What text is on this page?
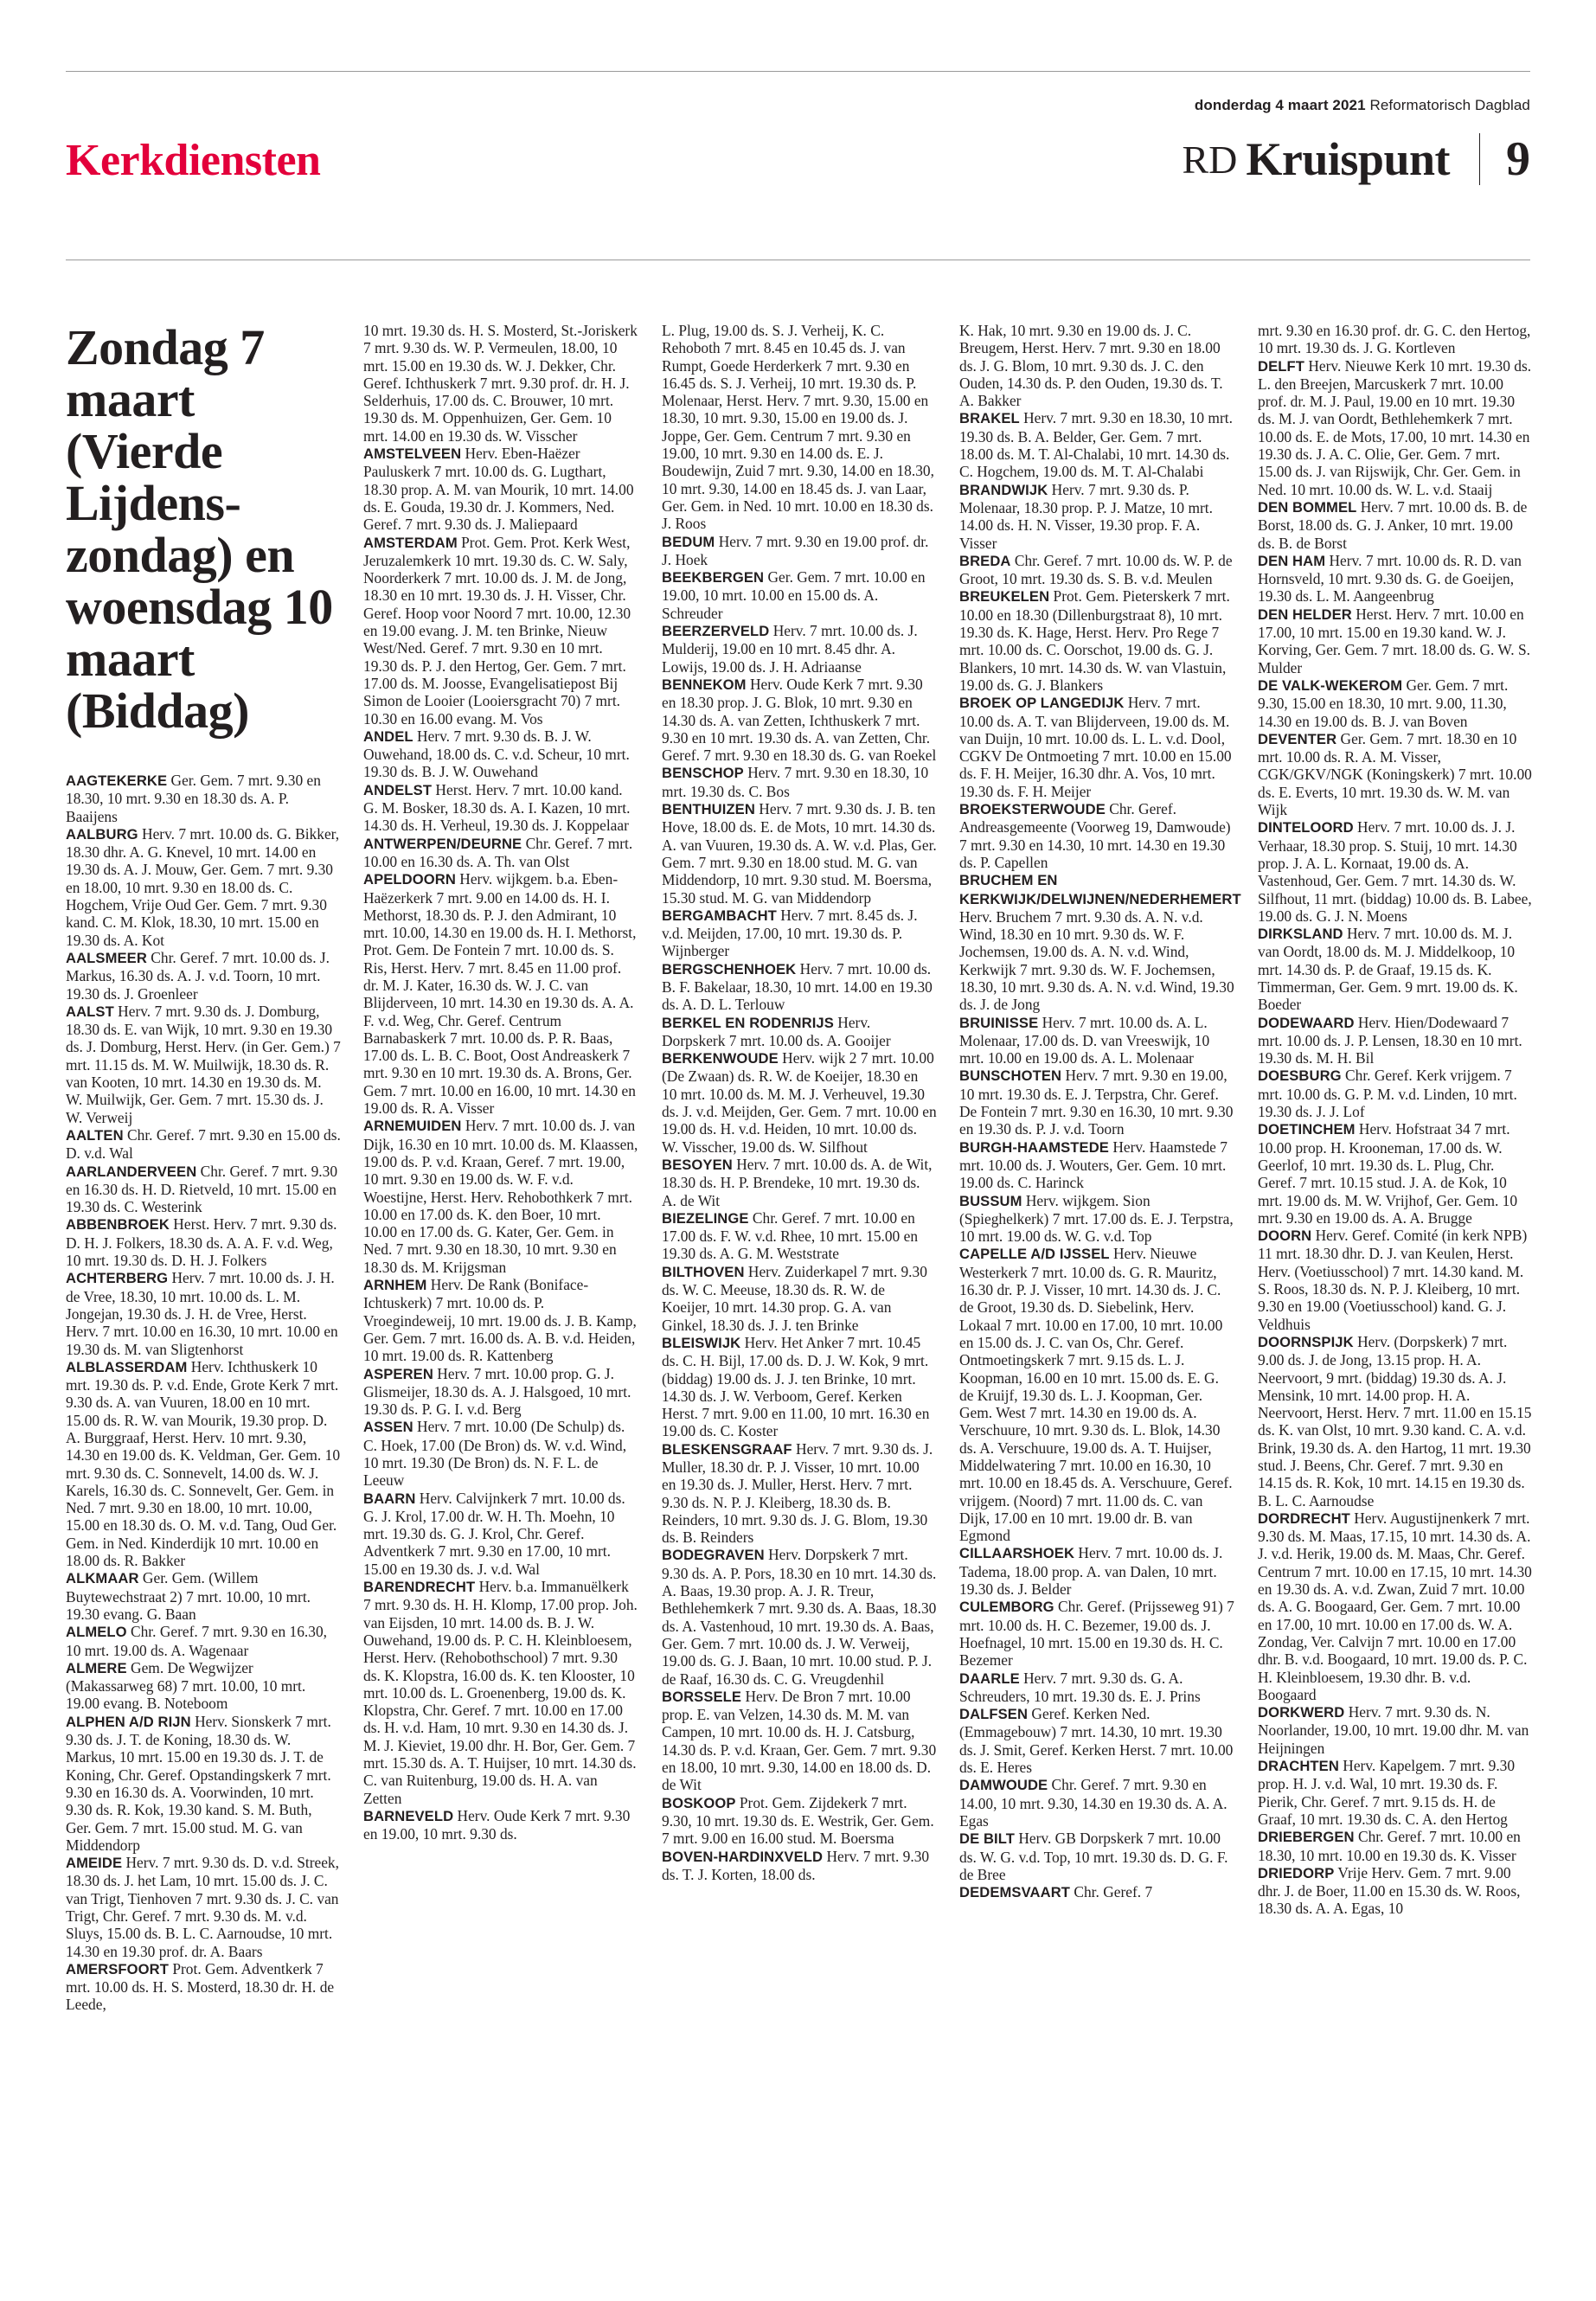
donderdag 4 maart 2021 Reformatorisch Dagblad
Kerkdiensten	RD Kruispunt 9
Zondag 7 maart (Vierde Lijdens- zondag) en woensdag 10 maart (Biddag)

AAGTEKERKE Ger. Gem. 7 mrt. 9.30 en 18.30, 10 mrt. 9.30 en 18.30 ds. A. P. Baaijens

AALBURG Herv. 7 mrt. 10.00 ds. G. Bikker, 18.30 dhr. A. G. Knevel, 10 mrt. 14.00 en 19.30 ds. A. J. Mouw, Ger. Gem. 7 mrt. 9.30 en 18.00, 10 mrt. 9.30 en 18.00 ds. C. Hogchem, Vrije Oud Ger. Gem. 7 mrt. 9.30 kand. C. M. Klok, 18.30, 10 mrt. 15.00 en 19.30 ds. A. Kot

AALSMEER Chr. Geref. 7 mrt. 10.00 ds. J. Markus, 16.30 ds. A. J. v.d. Toorn, 10 mrt. 19.30 ds. J. Groenleer

AALST Herv. 7 mrt. 9.30 ds. J. Domburg, 18.30 ds. E. van Wijk, 10 mrt. 9.30 en 19.30 ds. J. Domburg, Herst. Herv. (in Ger. Gem.) 7 mrt. 11.15 ds. M. W. Muilwijk, 18.30 ds. R. van Kooten, 10 mrt. 14.30 en 19.30 ds. M. W. Muilwijk, Ger. Gem. 7 mrt. 15.30 ds. J. W. Verweij

AALTEN Chr. Geref. 7 mrt. 9.30 en 15.00 ds. D. v.d. Wal

AARLANDERVEEN Chr. Geref. 7 mrt. 9.30 en 16.30 ds. H. D. Rietveld, 10 mrt. 15.00 en 19.30 ds. C. Westerink

ABBENBROEK Herst. Herv. 7 mrt. 9.30 ds. D. H. J. Folkers, 18.30 ds. A. A. F. v.d. Weg, 10 mrt. 19.30 ds. D. H. J. Folkers

ACHTERBERG Herv. 7 mrt. 10.00 ds. J. H. de Vree, 18.30, 10 mrt. 10.00 ds. L. M. Jongejan, 19.30 ds. J. H. de Vree, Herst. Herv. 7 mrt. 10.00 en 16.30, 10 mrt. 10.00 en 19.30 ds. M. van Sligtenhorst

ALBLASSERDAM Herv. Ichthuskerk 10 mrt. 19.30 ds. P. v.d. Ende, Grote Kerk 7 mrt. 9.30 ds. A. van Vuuren, 18.00 en 10 mrt. 15.00 ds. R. W. van Mourik, 19.30 prop. D. A. Burggraaf, Herst. Herv. 10 mrt. 9.30, 14.30 en 19.00 ds. K. Veldman, Ger. Gem. 10 mrt. 9.30 ds. C. Sonnevelt, 14.00 ds. W. J. Karels, 16.30 ds. C. Sonnevelt, Ger. Gem. in Ned. 7 mrt. 9.30 en 18.00, 10 mrt. 10.00, 15.00 en 18.30 ds. O. M. v.d. Tang, Oud Ger. Gem. in Ned. Kinderdijk 10 mrt. 10.00 en 18.00 ds. R. Bakker

ALKMAAR Ger. Gem. (Willem Buytewechstraat 2) 7 mrt. 10.00, 10 mrt. 19.30 evang. G. Baan

ALMELO Chr. Geref. 7 mrt. 9.30 en 16.30, 10 mrt. 19.00 ds. A. Wagenaar

ALMERE Gem. De Wegwijzer (Makassarweg 68) 7 mrt. 10.00, 10 mrt. 19.00 evang. B. Noteboom

ALPHEN A/D RIJN Herv. Sionskerk 7 mrt. 9.30 ds. J. T. de Koning, 18.30 ds. W. Markus, 10 mrt. 15.00 en 19.30 ds. J. T. de Koning, Chr. Geref. Opstandingskerk 7 mrt. 9.30 en 16.30 ds. A. Voorwinden, 10 mrt. 9.30 ds. R. Kok, 19.30 kand. S. M. Buth, Ger. Gem. 7 mrt. 15.00 stud. M. G. van Middendorp

AMEIDE Herv. 7 mrt. 9.30 ds. D. v.d. Streek, 18.30 ds. J. het Lam, 10 mrt. 15.00 ds. J. C. van Trigt, Tienhoven 7 mrt. 9.30 ds. J. C. van Trigt, Chr. Geref. 7 mrt. 9.30 ds. M. v.d. Sluys, 15.00 ds. B. L. C. Aarnoudse, 10 mrt. 14.30 en 19.30 prof. dr. A. Baars

AMERSFOORT Prot. Gem. Adventkerk 7 mrt. 10.00 ds. H. S. Mosterd, 18.30 dr. H. de Leede,

10 mrt. 19.30 ds. H. S. Mosterd, St.-Joriskerk 7 mrt. 9.30 ds. W. P. Vermeulen, 18.00, 10 mrt. 15.00 en 19.30 ds. W. J. Dekker, Chr. Geref. Ichthuskerk 7 mrt. 9.30 prof. dr. H. J. Selderhuis, 17.00 ds. C. Brouwer, 10 mrt. 19.30 ds. M. Oppenhuizen, Ger. Gem. 10 mrt. 14.00 en 19.30 ds. W. Visscher

AMSTELVEEN Herv. Eben-Haëzer Pauluskerk 7 mrt. 10.00 ds. G. Lugthart, 18.30 prop. A. M. van Mourik, 10 mrt. 14.00 ds. E. Gouda, 19.30 dr. J. Kommers, Ned. Geref. 7 mrt. 9.30 ds. J. Maliepaard

AMSTERDAM Prot. Gem. Prot. Kerk West, Jeruzalemkerk 10 mrt. 19.30 ds. C. W. Saly, Noorderkerk 7 mrt. 10.00 ds. J. M. de Jong, 18.30 en 10 mrt. 19.30 ds. J. H. Visser, Chr. Geref. Hoop voor Noord 7 mrt. 10.00, 12.30 en 19.00 evang. J. M. ten Brinke, Nieuw West/Ned. Geref. 7 mrt. 9.30 en 10 mrt. 19.30 ds. P. J. den Hertog, Ger. Gem. 7 mrt. 17.00 ds. M. Joosse, Evangelisatiepost Bij Simon de Looier (Looiersgracht 70) 7 mrt. 10.30 en 16.00 evang. M. Vos

ANDEL Herv. 7 mrt. 9.30 ds. B. J. W. Ouwehand, 18.00 ds. C. v.d. Scheur, 10 mrt. 19.30 ds. B. J. W. Ouwehand

ANDELST Herst. Herv. 7 mrt. 10.00 kand. G. M. Bosker, 18.30 ds. A. I. Kazen, 10 mrt. 14.30 ds. H. Verheul, 19.30 ds. J. Koppelaar

ANTWERPEN/DEURNE Chr. Geref. 7 mrt. 10.00 en 16.30 ds. A. Th. van Olst

APELDOORN Herv. wijkgem. b.a. Eben-Haëzerkerk 7 mrt. 9.00 en 14.00 ds. H. I. Methorst, 18.30 ds. P. J. den Admirant, 10 mrt. 10.00, 14.30 en 19.00 ds. H. I. Methorst, Prot. Gem. De Fontein 7 mrt. 10.00 ds. S. Ris, Herst. Herv. 7 mrt. 8.45 en 11.00 prof. dr. M. J. Kater, 16.30 ds. W. J. C. van Blijderveen, 10 mrt. 14.30 en 19.30 ds. A. A. F. v.d. Weg, Chr. Geref. Centrum Barnabaskerk 7 mrt. 10.00 ds. P. R. Baas, 17.00 ds. L. B. C. Boot, Oost Andreaskerk 7 mrt. 9.30 en 10 mrt. 19.30 ds. A. Brons, Ger. Gem. 7 mrt. 10.00 en 16.00, 10 mrt. 14.30 en 19.00 ds. R. A. Visser

ARNEMUIDEN Herv. 7 mrt. 10.00 ds. J. van Dijk, 16.30 en 10 mrt. 10.00 ds. M. Klaassen, 19.00 ds. P. v.d. Kraan, Geref. 7 mrt. 19.00, 10 mrt. 9.30 en 19.00 ds. W. F. v.d. Woestijne, Herst. Herv. Rehobothkerk 7 mrt. 10.00 en 17.00 ds. K. den Boer, 10 mrt. 10.00 en 17.00 ds. G. Kater, Ger. Gem. in Ned. 7 mrt. 9.30 en 18.30, 10 mrt. 9.30 en 18.30 ds. M. Krijgsman

ARNHEM Herv. De Rank (Boniface-Ichtuskerk) 7 mrt. 10.00 ds. P. Vroegindeweij, 10 mrt. 19.00 ds. J. B. Kamp, Ger. Gem. 7 mrt. 16.00 ds. A. B. v.d. Heiden, 10 mrt. 19.00 ds. R. Kattenberg

ASPEREN Herv. 7 mrt. 10.00 prop. G. J. Glismeijer, 18.30 ds. A. J. Halsgoed, 10 mrt. 19.30 ds. P. G. I. v.d. Berg

ASSEN Herv. 7 mrt. 10.00 (De Schulp) ds. C. Hoek, 17.00 (De Bron) ds. W. v.d. Wind, 10 mrt. 19.30 (De Bron) ds. N. F. L. de Leeuw

BAARN Herv. Calvijnkerk 7 mrt. 10.00 ds. G. J. Krol, 17.00 dr. W. H. Th. Moehn, 10 mrt. 19.30 ds. G. J. Krol, Chr. Geref. Adventkerk 7 mrt. 9.30 en 17.00, 10 mrt. 15.00 en 19.30 ds. J. v.d. Wal

BARENDRECHT Herv. b.a. Immanuëlkerk 7 mrt. 9.30 ds. H. H. Klomp, 17.00 prop. Joh. van Eijsden, 10 mrt. 14.00 ds. B. J. W. Ouwehand, 19.00 ds. P. C. H. Kleinbloesem, Herst. Herv. (Rehobothschool) 7 mrt. 9.30 ds. K. Klopstra, 16.00 ds. K. ten Klooster, 10 mrt. 10.00 ds. L. Groenenberg, 19.00 ds. K. Klopstra, Chr. Geref. 7 mrt. 10.00 en 17.00 ds. H. v.d. Ham, 10 mrt. 9.30 en 14.30 ds. J. M. J. Kieviet, 19.00 dhr. H. Bor, Ger. Gem. 7 mrt. 15.30 ds. A. T. Huijser, 10 mrt. 14.30 ds. C. van Ruitenburg, 19.00 ds. H. A. van Zetten

BARNEVELD Herv. Oude Kerk 7 mrt. 9.30 en 19.00, 10 mrt. 9.30 ds.

L. Plug, 19.00 ds. S. J. Verheij, K. C. Rehoboth 7 mrt. 8.45 en 10.45 ds. J. van Rumpt, Goede Herderkerk 7 mrt. 9.30 en 16.45 ds. S. J. Verheij, 10 mrt. 19.30 ds. P. Molenaar, Herst. Herv. 7 mrt. 9.30, 15.00 en 18.30, 10 mrt. 9.30, 15.00 en 19.00 ds. J. Joppe, Ger. Gem. Centrum 7 mrt. 9.30 en 19.00, 10 mrt. 9.30 en 14.00 ds. E. J. Boudewijn, Zuid 7 mrt. 9.30, 14.00 en 18.30, 10 mrt. 9.30, 14.00 en 18.45 ds. J. van Laar, Ger. Gem. in Ned. 10 mrt. 10.00 en 18.30 ds. J. Roos

BEDUM Herv. 7 mrt. 9.30 en 19.00 prof. dr. J. Hoek

BEEKBERGEN Ger. Gem. 7 mrt. 10.00 en 19.00, 10 mrt. 10.00 en 15.00 ds. A. Schreuder

BEERZERVELD Herv. 7 mrt. 10.00 ds. J. Mulderij, 19.00 en 10 mrt. 8.45 dhr. A. Lowijs, 19.00 ds. J. H. Adriaanse

BENNEKOM Herv. Oude Kerk 7 mrt. 9.30 en 18.30 prop. J. G. Blok, 10 mrt. 9.30 en 14.30 ds. A. van Zetten, Ichthuskerk 7 mrt. 9.30 en 10 mrt. 19.30 ds. A. van Zetten, Chr. Geref. 7 mrt. 9.30 en 18.30 ds. G. van Roekel

BENSCHOP Herv. 7 mrt. 9.30 en 18.30, 10 mrt. 19.30 ds. C. Bos

BENTHUIZEN Herv. 7 mrt. 9.30 ds. J. B. ten Hove, 18.00 ds. E. de Mots, 10 mrt. 14.30 ds. A. van Vuuren, 19.30 ds. A. W. v.d. Plas, Ger. Gem. 7 mrt. 9.30 en 18.00 stud. M. G. van Middendorp, 10 mrt. 9.30 stud. M. Boersma, 15.30 stud. M. G. van Middendorp

BERGAMBACHT Herv. 7 mrt. 8.45 ds. J. v.d. Meijden, 17.00, 10 mrt. 19.30 ds. P. Wijnberger

BERGSCHENHOEK Herv. 7 mrt. 10.00 ds. B. F. Bakelaar, 18.30, 10 mrt. 14.00 en 19.30 ds. A. D. L. Terlouw

BERKEL EN RODENRIJS Herv. Dorpskerk 7 mrt. 10.00 ds. A. Gooijer

BERKENWOUDE Herv. wijk 2 7 mrt. 10.00 (De Zwaan) ds. R. W. de Koeijer, 18.30 en 10 mrt. 10.00 ds. M. M. J. Verheuvel, 19.30 ds. J. v.d. Meijden, Ger. Gem. 7 mrt. 10.00 en 19.00 ds. H. v.d. Heiden, 10 mrt. 10.00 ds. W. Visscher, 19.00 ds. W. Silfhout

BESOYEN Herv. 7 mrt. 10.00 ds. A. de Wit, 18.30 ds. H. P. Brendeke, 10 mrt. 19.30 ds. A. de Wit

BIEZELINGE Chr. Geref. 7 mrt. 10.00 en 17.00 ds. F. W. v.d. Rhee, 10 mrt. 15.00 en 19.30 ds. A. G. M. Weststrate

BILTHOVEN Herv. Zuiderkapel 7 mrt. 9.30 ds. W. C. Meeuse, 18.30 ds. R. W. de Koeijer, 10 mrt. 14.30 prop. G. A. van Ginkel, 18.30 ds. J. J. ten Brinke

BLEISWIJK Herv. Het Anker 7 mrt. 10.45 ds. C. H. Bijl, 17.00 ds. D. J. W. Kok, 9 mrt. (biddag) 19.00 ds. J. J. ten Brinke, 10 mrt. 14.30 ds. J. W. Verboom, Geref. Kerken Herst. 7 mrt. 9.00 en 11.00, 10 mrt. 16.30 en 19.00 ds. C. Koster

BLESKENSGRAAF Herv. 7 mrt. 9.30 ds. J. Muller, 18.30 dr. P. J. Visser, 10 mrt. 10.00 en 19.30 ds. J. Muller, Herst. Herv. 7 mrt. 9.30 ds. N. P. J. Kleiberg, 18.30 ds. B. Reinders, 10 mrt. 9.30 ds. J. G. Blom, 19.30 ds. B. Reinders

BODEGRAVEN Herv. Dorpskerk 7 mrt. 9.30 ds. A. P. Pors, 18.30 en 10 mrt. 14.30 ds. A. Baas, 19.30 prop. A. J. R. Treur, Bethlehemkerk 7 mrt. 9.30 ds. A. Baas, 18.30 ds. A. Vastenhoud, 10 mrt. 19.30 ds. A. Baas, Ger. Gem. 7 mrt. 10.00 ds. J. W. Verweij, 19.00 ds. G. J. Baan, 10 mrt. 10.00 stud. P. J. de Raaf, 16.30 ds. C. G. Vreugdenhil

BORSSELE Herv. De Bron 7 mrt. 10.00 prop. E. van Velzen, 14.30 ds. M. M. van Campen, 10 mrt. 10.00 ds. H. J. Catsburg, 14.30 ds. P. v.d. Kraan, Ger. Gem. 7 mrt. 9.30 en 18.00, 10 mrt. 9.30, 14.00 en 18.00 ds. D. de Wit

BOSKOOP Prot. Gem. Zijdekerk 7 mrt. 9.30, 10 mrt. 19.30 ds. E. Westrik, Ger. Gem. 7 mrt. 9.00 en 16.00 stud. M. Boersma

BOVEN-HARDINXVELD Herv. 7 mrt. 9.30 ds. T. J. Korten, 18.00 ds.

K. Hak, 10 mrt. 9.30 en 19.00 ds. J. C. Breugem, Herst. Herv. 7 mrt. 9.30 en 18.00 ds. J. G. Blom, 10 mrt. 9.30 ds. J. C. den Ouden, 14.30 ds. P. den Ouden, 19.30 ds. T. A. Bakker

BRAKEL Herv. 7 mrt. 9.30 en 18.30, 10 mrt. 19.30 ds. B. A. Belder, Ger. Gem. 7 mrt. 18.00 ds. M. T. Al-Chalabi, 10 mrt. 14.30 ds. C. Hogchem, 19.00 ds. M. T. Al-Chalabi

BRANDWIJK Herv. 7 mrt. 9.30 ds. P. Molenaar, 18.30 prop. P. J. Matze, 10 mrt. 14.00 ds. H. N. Visser, 19.30 prop. F. A. Visser

BREDA Chr. Geref. 7 mrt. 10.00 ds. W. P. de Groot, 10 mrt. 19.30 ds. S. B. v.d. Meulen

BREUKELEN Prot. Gem. Pieterskerk 7 mrt. 10.00 en 18.30 (Dillenburgstraat 8), 10 mrt. 19.30 ds. K. Hage, Herst. Herv. Pro Rege 7 mrt. 10.00 ds. C. Oorschot, 19.00 ds. G. J. Blankers, 10 mrt. 14.30 ds. W. van Vlastuin, 19.00 ds. G. J. Blankers

BROEK OP LANGEDIJK Herv. 7 mrt. 10.00 ds. A. T. van Blijderveen, 19.00 ds. M. van Duijn, 10 mrt. 10.00 ds. L. L. v.d. Dool, CGKV De Ontmoeting 7 mrt. 10.00 en 15.00 ds. F. H. Meijer, 16.30 dhr. A. Vos, 10 mrt. 19.30 ds. F. H. Meijer

BROEKSTERWOUDE Chr. Geref. Andreasgemeente (Voorweg 19, Damwoude) 7 mrt. 9.30 en 14.30, 10 mrt. 14.30 en 19.30 ds. P. Capellen

BRUCHEM EN KERKWIJK/DELWIJNEN/NEDERHEMERT Herv. Bruchem 7 mrt. 9.30 ds. A. N. v.d. Wind, 18.30 en 10 mrt. 9.30 ds. W. F. Jochemsen, 19.00 ds. A. N. v.d. Wind, Kerkwijk 7 mrt. 9.30 ds. W. F. Jochemsen, 18.30, 10 mrt. 9.30 ds. A. N. v.d. Wind, 19.30 ds. J. de Jong

BRUINISSE Herv. 7 mrt. 10.00 ds. A. L. Molenaar, 17.00 ds. D. van Vreeswijk, 10 mrt. 10.00 en 19.00 ds. A. L. Molenaar

BUNSCHOTEN Herv. 7 mrt. 9.30 en 19.00, 10 mrt. 19.30 ds. E. J. Terpstra, Chr. Geref. De Fontein 7 mrt. 9.30 en 16.30, 10 mrt. 9.30 en 19.30 ds. P. J. v.d. Toorn

BURGH-HAAMSTEDE Herv. Haamstede 7 mrt. 10.00 ds. J. Wouters, Ger. Gem. 10 mrt. 19.00 ds. C. Harinck

BUSSUM Herv. wijkgem. Sion (Spieghelkerk) 7 mrt. 17.00 ds. E. J. Terpstra, 10 mrt. 19.00 ds. W. G. v.d. Top

CAPELLE A/D IJSSEL Herv. Nieuwe Westerkerk 7 mrt. 10.00 ds. G. R. Mauritz, 16.30 dr. P. J. Visser, 10 mrt. 14.30 ds. J. C. de Groot, 19.30 ds. D. Siebelink, Herv. Lokaal 7 mrt. 10.00 en 17.00, 10 mrt. 10.00 en 15.00 ds. J. C. van Os, Chr. Geref. Ontmoetingskerk 7 mrt. 9.15 ds. L. J. Koopman, 16.00 en 10 mrt. 15.00 ds. E. G. de Kruijf, 19.30 ds. L. J. Koopman, Ger. Gem. West 7 mrt. 14.30 en 19.00 ds. A. Verschuure, 10 mrt. 9.30 ds. L. Blok, 14.30 ds. A. Verschuure, 19.00 ds. A. T. Huijser, Middelwatering 7 mrt. 10.00 en 16.30, 10 mrt. 10.00 en 18.45 ds. A. Verschuure, Geref. vrijgem. (Noord) 7 mrt. 11.00 ds. C. van Dijk, 17.00 en 10 mrt. 19.00 dr. B. van Egmond

CILLAARSHOEK Herv. 7 mrt. 10.00 ds. J. Tadema, 18.00 prop. A. van Dalen, 10 mrt. 19.30 ds. J. Belder

CULEMBORG Chr. Geref. (Prijsseweg 91) 7 mrt. 10.00 ds. H. C. Bezemer, 19.00 ds. J. Hoefnagel, 10 mrt. 15.00 en 19.30 ds. H. C. Bezemer

DAARLE Herv. 7 mrt. 9.30 ds. G. A. Schreuders, 10 mrt. 19.30 ds. E. J. Prins

DALFSEN Geref. Kerken Ned. (Emmagebouw) 7 mrt. 14.30, 10 mrt. 19.30 ds. J. Smit, Geref. Kerken Herst. 7 mrt. 10.00 ds. E. Heres

DAMWOUDE Chr. Geref. 7 mrt. 9.30 en 14.00, 10 mrt. 9.30, 14.30 en 19.30 ds. A. A. Egas

DE BILT Herv. GB Dorpskerk 7 mrt. 10.00 ds. W. G. v.d. Top, 10 mrt. 19.30 ds. D. G. F. de Bree

DEDEMSVAART Chr. Geref. 7

mrt. 9.30 en 16.30 prof. dr. G. C. den Hertog, 10 mrt. 19.30 ds. J. G. Kortleven

DELFT Herv. Nieuwe Kerk 10 mrt. 19.30 ds. L. den Breejen, Marcuskerk 7 mrt. 10.00 prof. dr. M. J. Paul, 19.00 en 10 mrt. 19.30 ds. M. J. van Oordt, Bethlehemkerk 7 mrt. 10.00 ds. E. de Mots, 17.00, 10 mrt. 14.30 en 19.30 ds. J. A. C. Olie, Ger. Gem. 7 mrt. 15.00 ds. J. van Rijswijk, Chr. Ger. Gem. in Ned. 10 mrt. 10.00 ds. W. L. v.d. Staaij

DEN BOMMEL Herv. 7 mrt. 10.00 ds. B. de Borst, 18.00 ds. G. J. Anker, 10 mrt. 19.00 ds. B. de Borst

DEN HAM Herv. 7 mrt. 10.00 ds. R. D. van Hornsveld, 10 mrt. 9.30 ds. G. de Goeijen, 19.30 ds. L. M. Aangeenbrug

DEN HELDER Herst. Herv. 7 mrt. 10.00 en 17.00, 10 mrt. 15.00 en 19.30 kand. W. J. Korving, Ger. Gem. 7 mrt. 18.00 ds. G. W. S. Mulder

DE VALK-WEKEROM Ger. Gem. 7 mrt. 9.30, 15.00 en 18.30, 10 mrt. 9.00, 11.30, 14.30 en 19.00 ds. B. J. van Boven

DEVENTER Ger. Gem. 7 mrt. 18.30 en 10 mrt. 10.00 ds. R. A. M. Visser, CGK/GKV/NGK (Koningskerk) 7 mrt. 10.00 ds. E. Everts, 10 mrt. 19.30 ds. W. M. van Wijk

DINTELOORD Herv. 7 mrt. 10.00 ds. J. J. Verhaar, 18.30 prop. S. Stuij, 10 mrt. 14.30 prop. J. A. L. Kornaat, 19.00 ds. A. Vastenhoud, Ger. Gem. 7 mrt. 14.30 ds. W. Silfhout, 11 mrt. (biddag) 10.00 ds. B. Labee, 19.00 ds. G. J. N. Moens

DIRKSLAND Herv. 7 mrt. 10.00 ds. M. J. van Oordt, 18.00 ds. M. J. Middelkoop, 10 mrt. 14.30 ds. P. de Graaf, 19.15 ds. K. Timmerman, Ger. Gem. 9 mrt. 19.00 ds. K. Boeder

DODEWAARD Herv. Hien/Dodewaard 7 mrt. 10.00 ds. J. P. Lensen, 18.30 en 10 mrt. 19.30 ds. M. H. Bil

DOESBURG Chr. Geref. Kerk vrijgem. 7 mrt. 10.00 ds. G. P. M. v.d. Linden, 10 mrt. 19.30 ds. J. J. Lof

DOETINCHEM Herv. Hofstraat 34 7 mrt. 10.00 prop. H. Krooneman, 17.00 ds. W. Geerlof, 10 mrt. 19.30 ds. L. Plug, Chr. Geref. 7 mrt. 10.15 stud. J. A. de Kok, 10 mrt. 19.00 ds. M. W. Vrijhof, Ger. Gem. 10 mrt. 9.30 en 19.00 ds. A. A. Brugge

DOORN Herv. Geref. Comité (in kerk NPB) 11 mrt. 18.30 dhr. D. J. van Keulen, Herst. Herv. (Voetiusschool) 7 mrt. 14.30 kand. M. S. Roos, 18.30 ds. N. P. J. Kleiberg, 10 mrt. 9.30 en 19.00 (Voetiusschool) kand. G. J. Veldhuis

DOORNSPIJK Herv. (Dorpskerk) 7 mrt. 9.00 ds. J. de Jong, 13.15 prop. H. A. Neervoort, 9 mrt. (biddag) 19.30 ds. A. J. Mensink, 10 mrt. 14.00 prop. H. A. Neervoort, Herst. Herv. 7 mrt. 11.00 en 15.15 ds. K. van Olst, 10 mrt. 9.30 kand. C. A. v.d. Brink, 19.30 ds. A. den Hartog, 11 mrt. 19.30 stud. J. Beens, Chr. Geref. 7 mrt. 9.30 en 14.15 ds. R. Kok, 10 mrt. 14.15 en 19.30 ds. B. L. C. Aarnoudse

DORDRECHT Herv. Augustijnenkerk 7 mrt. 9.30 ds. M. Maas, 17.15, 10 mrt. 14.30 ds. A. J. v.d. Herik, 19.00 ds. M. Maas, Chr. Geref. Centrum 7 mrt. 10.00 en 17.15, 10 mrt. 14.30 en 19.30 ds. A. v.d. Zwan, Zuid 7 mrt. 10.00 ds. A. G. Boogaard, Ger. Gem. 7 mrt. 10.00 en 17.00, 10 mrt. 10.00 en 17.00 ds. W. A. Zondag, Ver. Calvijn 7 mrt. 10.00 en 17.00 dhr. B. v.d. Boogaard, 10 mrt. 19.00 ds. P. C. H. Kleinbloesem, 19.30 dhr. B. v.d. Boogaard

DORKWERD Herv. 7 mrt. 9.30 ds. N. Noorlander, 19.00, 10 mrt. 19.00 dhr. M. van Heijningen

DRACHTEN Herv. Kapelgem. 7 mrt. 9.30 prop. H. J. v.d. Wal, 10 mrt. 19.30 ds. F. Pierik, Chr. Geref. 7 mrt. 9.15 ds. H. de Graaf, 10 mrt. 19.30 ds. C. A. den Hertog

DRIEBERGEN Chr. Geref. 7 mrt. 10.00 en 18.30, 10 mrt. 10.00 en 19.30 ds. K. Visser

DRIEDORP Vrije Herv. Gem. 7 mrt. 9.00 dhr. J. de Boer, 11.00 en 15.30 ds. W. Roos, 18.30 ds. A. A. Egas, 10
